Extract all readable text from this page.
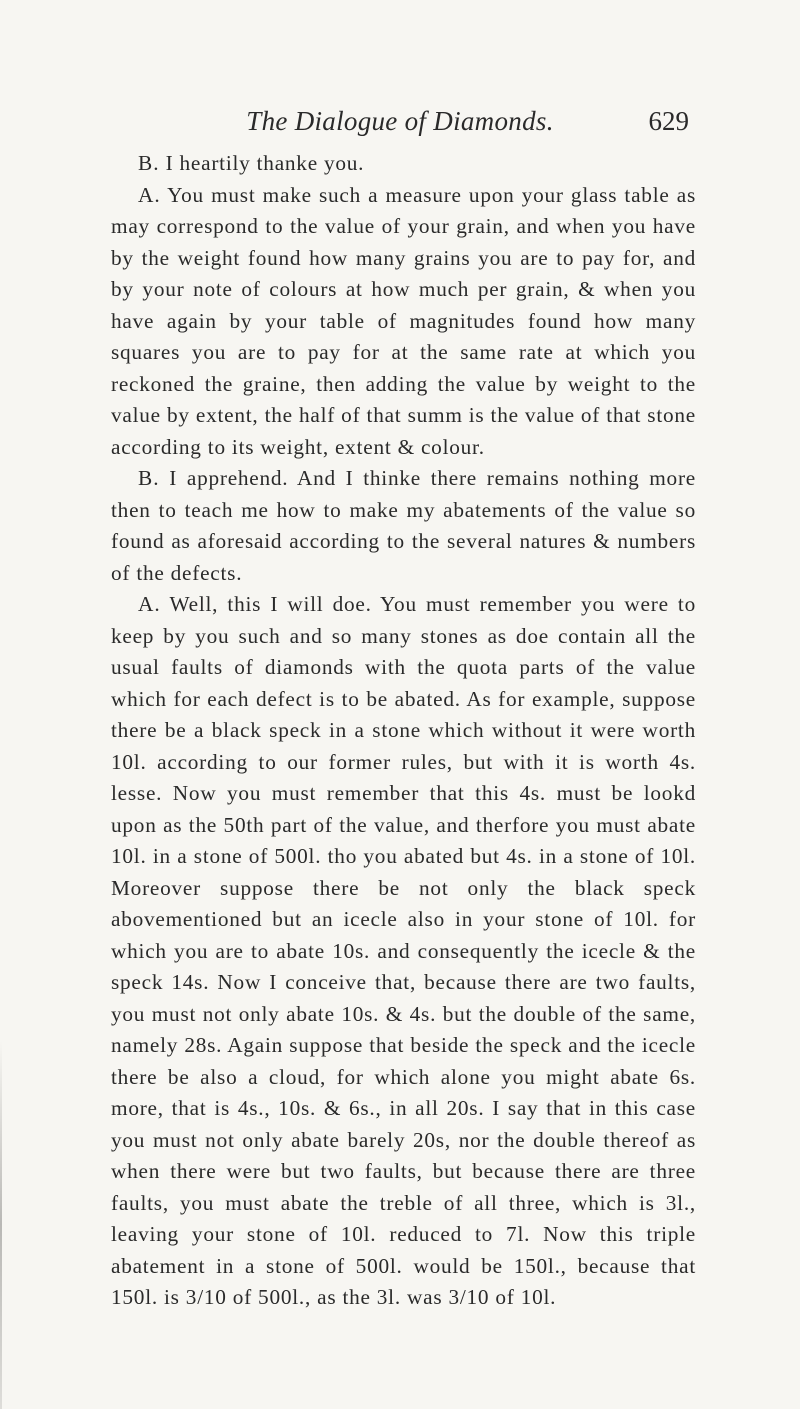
The Dialogue of Diamonds.	629

B. I heartily thanke you.

A. You must make such a measure upon your glass table as may correspond to the value of your grain, and when you have by the weight found how many grains you are to pay for, and by your note of colours at how much per grain, & when you have again by your table of magnitudes found how many squares you are to pay for at the same rate at which you reckoned the graine, then adding the value by weight to the value by extent, the half of that summ is the value of that stone according to its weight, extent & colour.

B. I apprehend. And I thinke there remains nothing more then to teach me how to make my abatements of the value so found as aforesaid according to the several natures & numbers of the defects.

A. Well, this I will doe. You must remember you were to keep by you such and so many stones as doe contain all the usual faults of diamonds with the quota parts of the value which for each defect is to be abated. As for example, suppose there be a black speck in a stone which without it were worth 10l. according to our former rules, but with it is worth 4s. lesse. Now you must remember that this 4s. must be lookd upon as the 50th part of the value, and therfore you must abate 10l. in a stone of 500l. tho you abated but 4s. in a stone of 10l. Moreover suppose there be not only the black speck abovementioned but an icecle also in your stone of 10l. for which you are to abate 10s. and consequently the icecle & the speck 14s. Now I conceive that, because there are two faults, you must not only abate 10s. & 4s. but the double of the same, namely 28s. Again suppose that beside the speck and the icecle there be also a cloud, for which alone you might abate 6s. more, that is 4s., 10s. & 6s., in all 20s. I say that in this case you must not only abate barely 20s, nor the double thereof as when there were but two faults, but because there are three faults, you must abate the treble of all three, which is 3l., leaving your stone of 10l. reduced to 7l. Now this triple abatement in a stone of 500l. would be 150l., because that 150l. is 3/10 of 500l., as the 3l. was 3/10 of 10l.
